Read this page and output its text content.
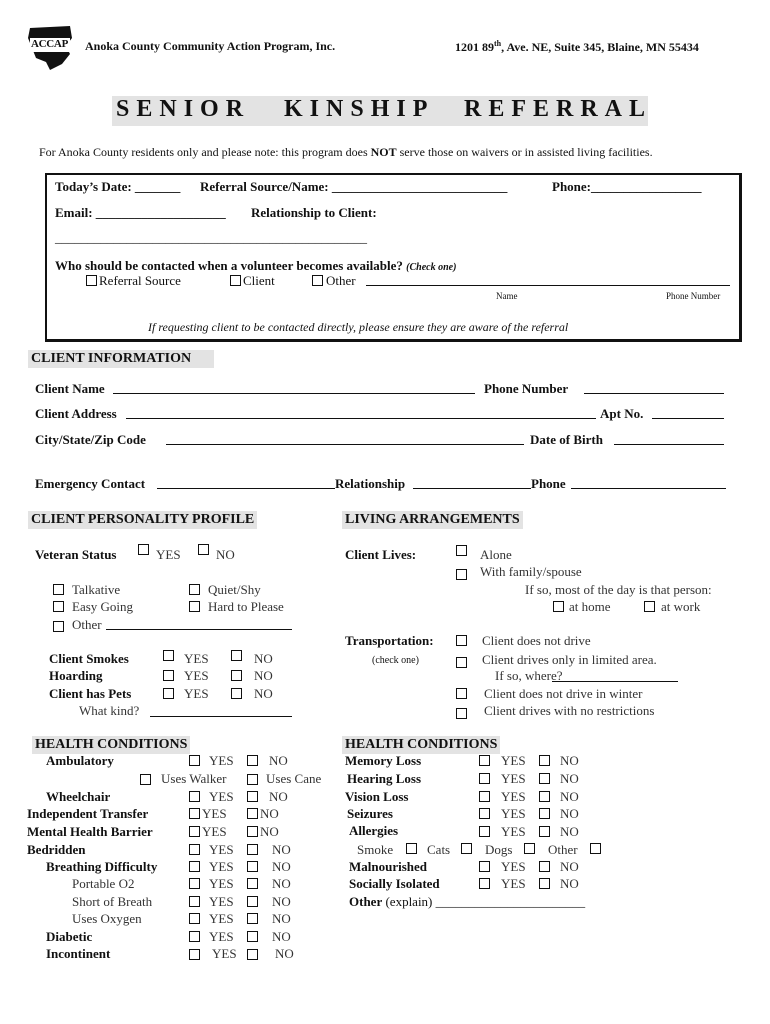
ACCAP Anoka County Community Action Program, Inc.	1201 89th, Ave. NE, Suite 345, Blaine, MN 55434
SENIOR KINSHIP REFERRAL
For Anoka County residents only and please note: this program does NOT serve those on waivers or in assisted living facilities.
Today’s Date: _______ Referral Source/Name: ___________________________	Phone:_________________
Email: ____________________ Relationship to Client:
________________________________________________
Who should be contacted when a volunteer becomes available? (Check one)
Referral Source	Client	Other
Name	Phone Number
If requesting client to be contacted directly, please ensure they are aware of the referral
CLIENT INFORMATION
Client Name	Phone Number
Client Address	Apt No.
City/State/Zip Code	Date of Birth
Emergency Contact	Relationship	Phone
CLIENT PERSONALITY PROFILE
Veteran Status	YES	NO
Talkative	Quiet/Shy
Easy Going	Hard to Please
Other
Client Smokes	YES	NO
Hoarding	YES	NO
Client has Pets	YES	NO
What kind?
LIVING ARRANGEMENTS
Client Lives:	Alone
With family/spouse
If so, most of the day is that person:
at home	at work
Transportation:
(check one)
Client does not drive
Client drives only in limited area.
If so, where?
Client does not drive in winter
Client drives with no restrictions
HEALTH CONDITIONS
Ambulatory	YES	NO
Uses Walker	Uses Cane
Wheelchair	YES	NO
Independent Transfer	YES	NO
Mental Health Barrier	YES	NO
Bedridden	YES	NO
Breathing Difficulty	YES	NO
Portable O2	YES	NO
Short of Breath	YES	NO
Uses Oxygen	YES	NO
Diabetic	YES	NO
Incontinent	YES	NO
HEALTH CONDITIONS
Memory Loss	YES	NO
Hearing Loss	YES	NO
Vision Loss	YES	NO
Seizures	YES	NO
Allergies	YES	NO
Smoke	Cats	Dogs	Other
Malnourished	YES	NO
Socially Isolated	YES	NO
Other (explain) _______________________
